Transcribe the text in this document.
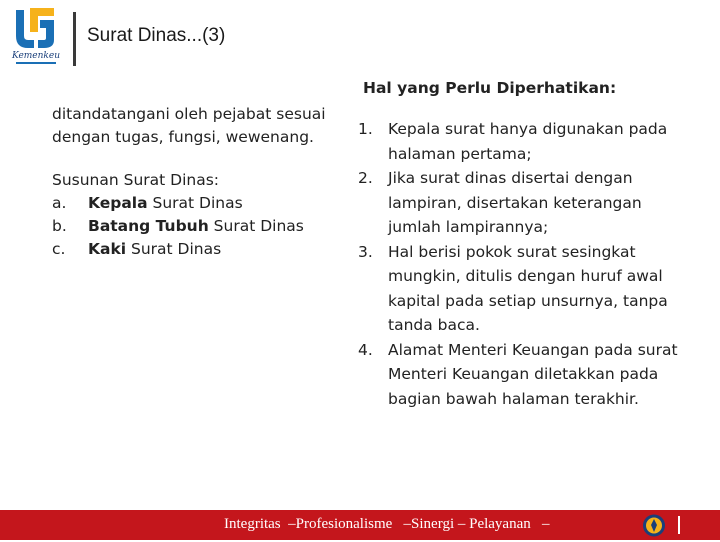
Kemenkeu
Surat Dinas...(3)

ditandatangani oleh pejabat sesuai dengan tugas, fungsi, wewenang.

Susunan Surat Dinas:

a.	Kepala Surat Dinas
b.	Batang Tubuh Surat Dinas
c.	Kaki Surat Dinas
Hal yang Perlu Diperhatikan:
1. Kepala surat hanya digunakan pada halaman pertama;
2. Jika surat dinas disertai dengan lampiran, disertakan keterangan jumlah lampirannya;
3. Hal berisi pokok surat sesingkat mungkin, ditulis dengan huruf awal kapital pada setiap unsurnya, tanpa tanda baca.
4. Alamat Menteri Keuangan pada surat Menteri Keuangan diletakkan pada bagian bawah halaman terakhir.
Integritas  –Profesionalisme   –Sinergi – Pelayanan   –
